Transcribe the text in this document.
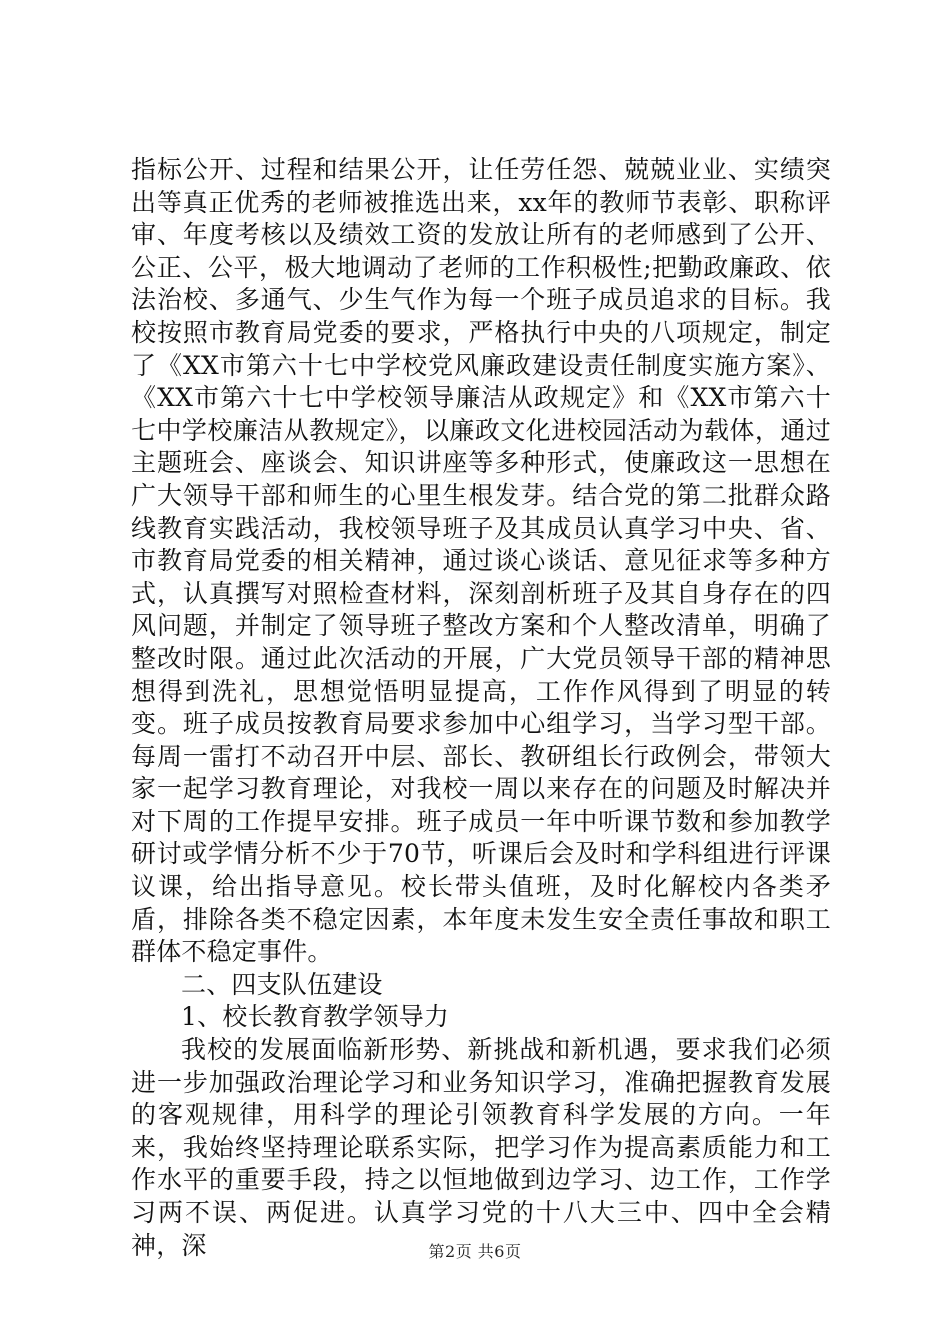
指标公开、过程和结果公开，让任劳任怨、兢兢业业、实绩突出等真正优秀的老师被推选出来，xx年的教师节表彰、职称评审、年度考核以及绩效工资的发放让所有的老师感到了公开、公正、公平，极大地调动了老师的工作积极性;把勤政廉政、依法治校、多通气、少生气作为每一个班子成员追求的目标。我校按照市教育局党委的要求，严格执行中央的八项规定，制定了《XX市第六十七中学校党风廉政建设责任制度实施方案》、《XX市第六十七中学校领导廉洁从政规定》和《XX市第六十七中学校廉洁从教规定》，以廉政文化进校园活动为载体，通过主题班会、座谈会、知识讲座等多种形式，使廉政这一思想在广大领导干部和师生的心里生根发芽。结合党的第二批群众路线教育实践活动，我校领导班子及其成员认真学习中央、省、市教育局党委的相关精神，通过谈心谈话、意见征求等多种方式，认真撰写对照检查材料，深刻剖析班子及其自身存在的四风问题，并制定了领导班子整改方案和个人整改清单，明确了整改时限。通过此次活动的开展，广大党员领导干部的精神思想得到洗礼，思想觉悟明显提高，工作作风得到了明显的转变。班子成员按教育局要求参加中心组学习，当学习型干部。每周一雷打不动召开中层、部长、教研组长行政例会，带领大家一起学习教育理论，对我校一周以来存在的问题及时解决并对下周的工作提早安排。班子成员一年中听课节数和参加教学研讨或学情分析不少于70节，听课后会及时和学科组进行评课议课，给出指导意见。校长带头值班，及时化解校内各类矛盾，排除各类不稳定因素，本年度未发生安全责任事故和职工群体不稳定事件。

二、四支队伍建设

1、校长教育教学领导力

我校的发展面临新形势、新挑战和新机遇，要求我们必须进一步加强政治理论学习和业务知识学习，准确把握教育发展的客观规律，用科学的理论引领教育科学发展的方向。一年来，我始终坚持理论联系实际，把学习作为提高素质能力和工作水平的重要手段，持之以恒地做到边学习、边工作，工作学习两不误、两促进。认真学习党的十八大三中、四中全会精神，深	第2页 共6页
